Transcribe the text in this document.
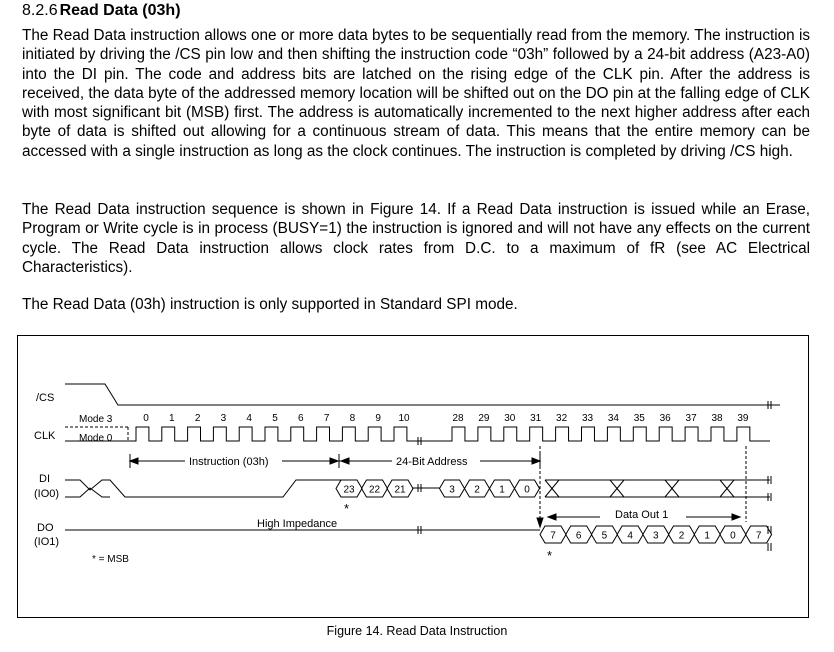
8.2.6 Read Data (03h)

The Read Data instruction allows one or more data bytes to be sequentially read from the memory. The instruction is initiated by driving the /CS pin low and then shifting the instruction code “03h” followed by a 24-bit address (A23-A0) into the DI pin. The code and address bits are latched on the rising edge of the CLK pin. After the address is received, the data byte of the addressed memory location will be shifted out on the DO pin at the falling edge of CLK with most significant bit (MSB) first. The address is automatically incremented to the next higher address after each byte of data is shifted out allowing for a continuous stream of data. This means that the entire memory can be accessed with a single instruction as long as the clock continues. The instruction is completed by driving /CS high.

The Read Data instruction sequence is shown in Figure 14. If a Read Data instruction is issued while an Erase, Program or Write cycle is in process (BUSY=1) the instruction is ignored and will not have any effects on the current cycle. The Read Data instruction allows clock rates from D.C. to a maximum of fR (see AC Electrical Characteristics).

The Read Data (03h) instruction is only supported in Standard SPI mode.

23 22 21	3 2 1 0
7 6 5 4 3 2 1 0 7
0 1 2 3 4 5 6 7 8 9 10	28 29 30 31 32 33 34 35 36 37 38 39
/CS
CLK
DI
(IO0)
DO
(IO1)
Mode 3
Mode 0
Instruction (03h)	24-Bit Address
High Impedance
Data Out 1
*
*
* = MSB
Figure 14. Read Data Instruction
